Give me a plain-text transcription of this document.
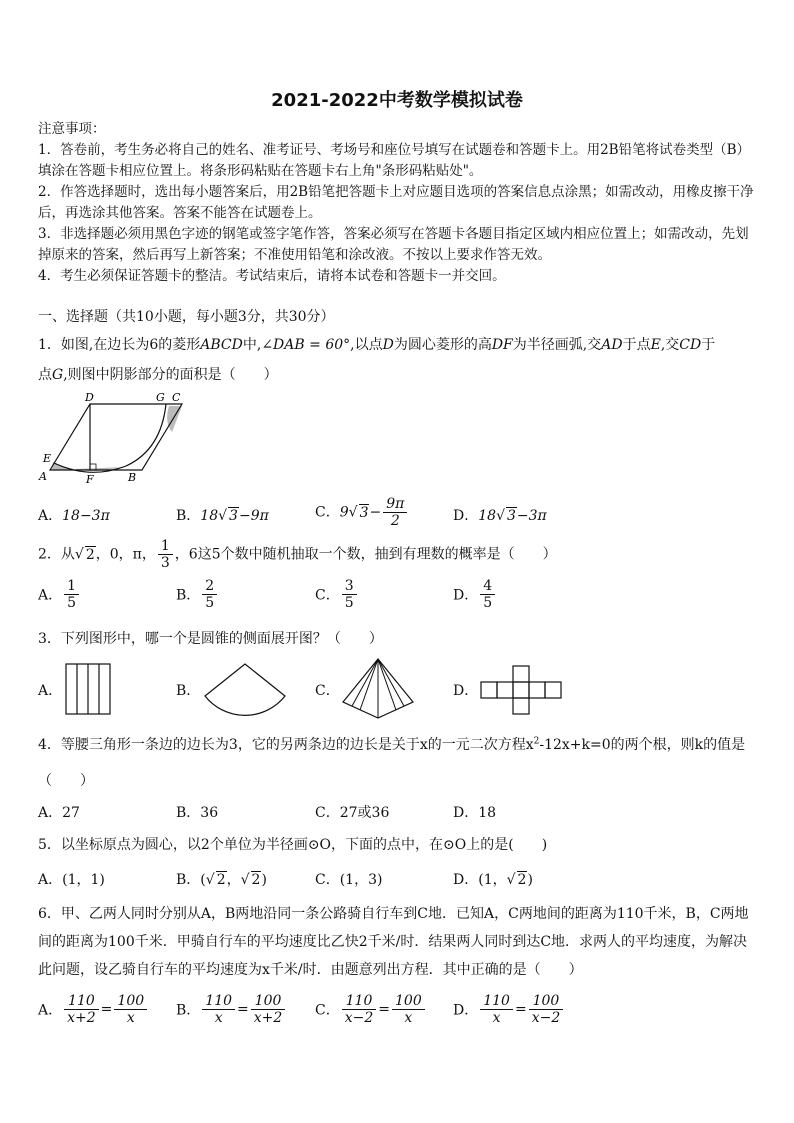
2021-2022中考数学模拟试卷
注意事项：
1．答卷前，考生务必将自己的姓名、准考证号、考场号和座位号填写在试题卷和答题卡上。用2B铅笔将试卷类型（B）填涂在答题卡相应位置上。将条形码粘贴在答题卡右上角"条形码粘贴处"。
2．作答选择题时，选出每小题答案后，用2B铅笔把答题卡上对应题目选项的答案信息点涂黑；如需改动，用橡皮擦干净后，再选涂其他答案。答案不能答在试题卷上。
3．非选择题必须用黑色字迹的钢笔或签字笔作答，答案必须写在答题卡各题目指定区域内相应位置上；如需改动，先划掉原来的答案，然后再写上新答案；不准使用铅笔和涂改液。不按以上要求作答无效。
4．考生必须保证答题卡的整洁。考试结束后，请将本试卷和答题卡一并交回。
一、选择题（共10小题，每小题3分，共30分）
1．如图,在边长为6的菱形ABCD中,∠DAB = 60°,以点D为圆心菱形的高DF为半径画弧,交AD于点E,交CD于
点G,则图中阴影部分的面积是（　　）
D	G C
E
A	F	B
A．18−3π	B．18√ 3−9π	C．9√ $3- \frac{9\pi}{2}$	D．18√ 3−3π
2．从√ 2，0，π， $\frac{1}{3}$ ，6这5个数中随机抽取一个数，抽到有理数的概率是（　　）
A． $\frac{1}{5}$	B． $\frac{2}{5}$	C． $\frac{3}{5}$	D． $\frac{4}{5}$
3．下列图形中，哪一个是圆锥的侧面展开图？（　　）
A．	B．	C．	D．
4．等腰三角形一条边的边长为3，它的另两条边的边长是关于x的一元二次方程$x^2-12x+k=0$的两个根，则k的值是
（　　）
A．27	B．36	C．27或36	D．18
5．以坐标原点为圆心，以2个单位为半径画⊙O，下面的点中，在⊙O上的是(　　)
A．(1，1)	B．(√ 2，√ 2)	C．(1，3)	D．(1，√ 2)
6．甲、乙两人同时分别从A，B两地沿同一条公路骑自行车到C地．已知A，C两地间的距离为110千米，B，C两地间的距离为100千米．甲骑自行车的平均速度比乙快2千米/时．结果两人同时到达C地．求两人的平均速度，为解决此问题，设乙骑自行车的平均速度为x千米/时．由题意列出方程．其中正确的是（　　）
A． $\frac{110}{x+2} = \frac{100}{x}$ B． $\frac{110}{x} = \frac{100}{x+2}$ C． $\frac{110}{x-2} = \frac{100}{x}$ D． $\frac{110}{x} = \frac{100}{x-2}$
